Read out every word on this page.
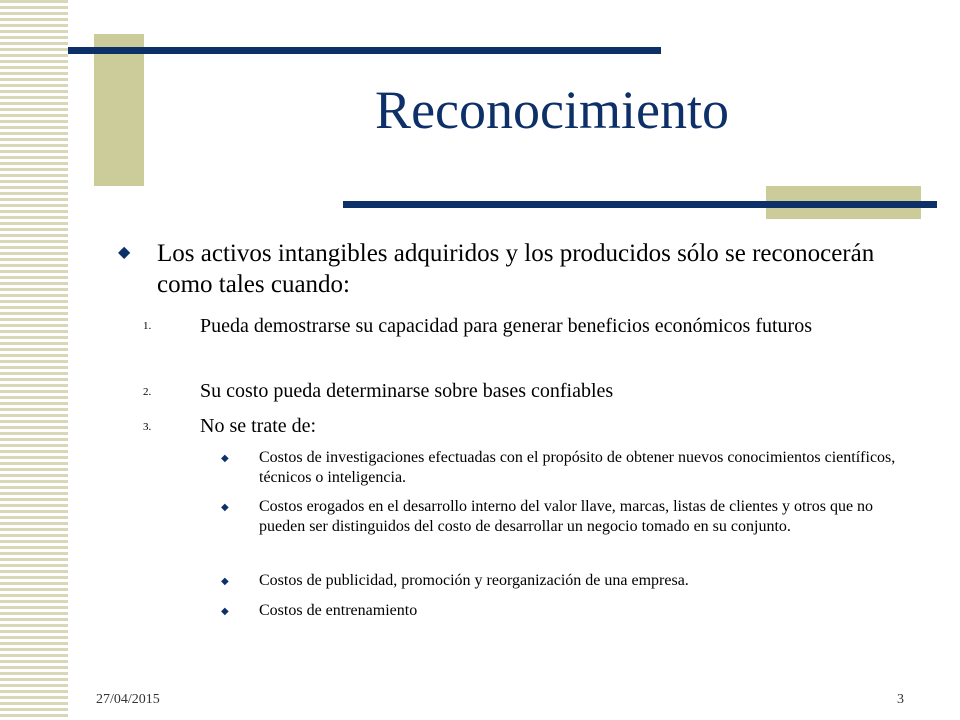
Reconocimiento
◆ Los activos intangibles adquiridos y los producidos sólo se reconocerán como tales cuando:
1. Pueda demostrarse su capacidad para generar beneficios económicos futuros
2. Su costo pueda determinarse sobre bases confiables
3. No se trate de:
◆ Costos de investigaciones efectuadas con el propósito de obtener nuevos conocimientos científicos, técnicos o inteligencia.
◆ Costos erogados en el desarrollo interno del valor llave, marcas, listas de clientes y otros que no pueden ser distinguidos del costo de desarrollar un negocio tomado en su conjunto.
◆ Costos de publicidad, promoción y reorganización de una empresa.
◆ Costos de entrenamiento
27/04/2015	3
